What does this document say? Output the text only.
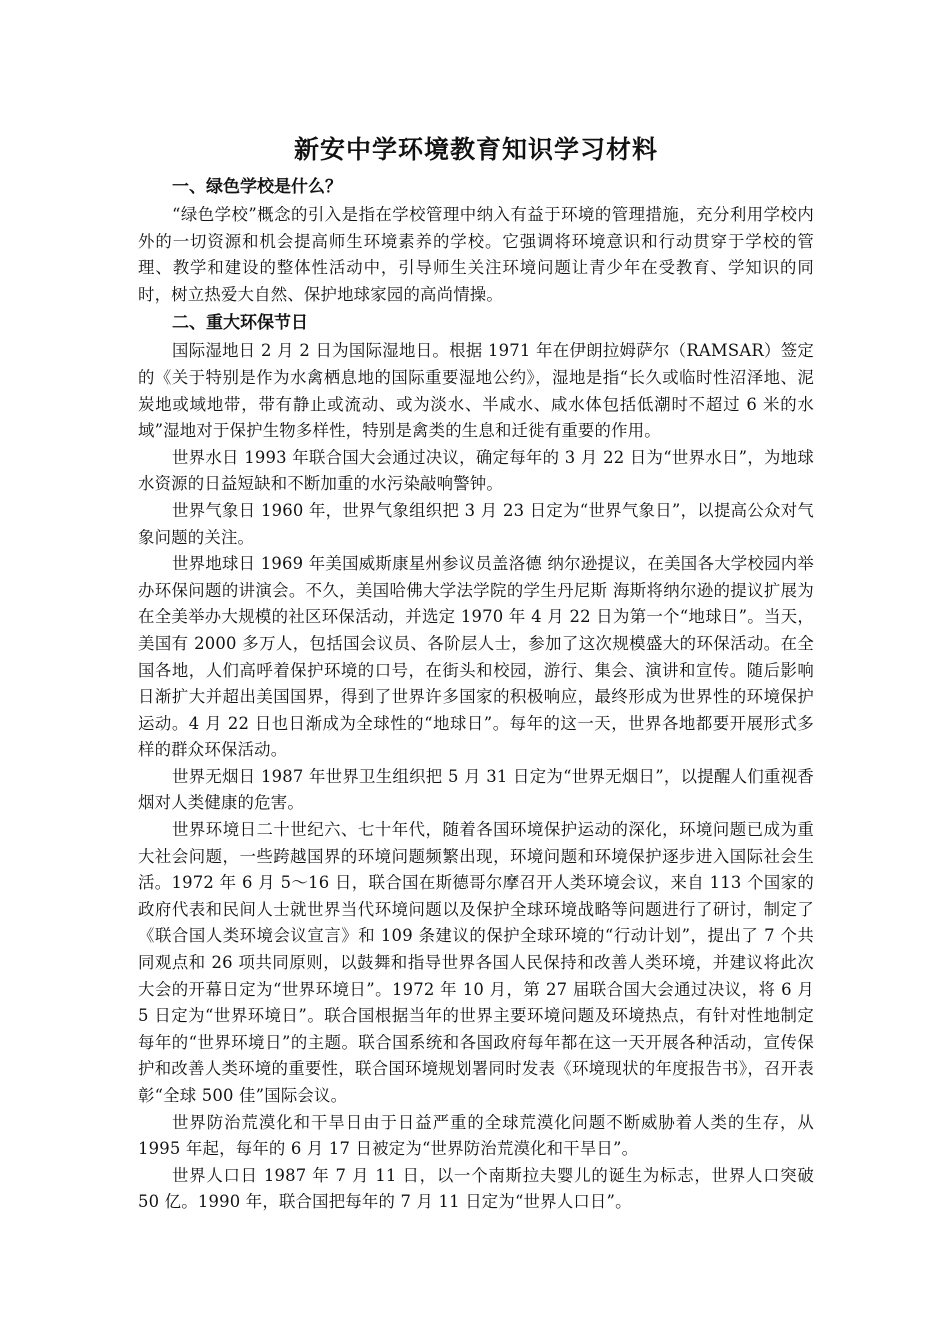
新安中学环境教育知识学习材料
一、绿色学校是什么？

“绿色学校”概念的引入是指在学校管理中纳入有益于环境的管理措施，充分利用学校内外的一切资源和机会提高师生环境素养的学校。它强调将环境意识和行动贯穿于学校的管理、教学和建设的整体性活动中，引导师生关注环境问题让青少年在受教育、学知识的同时，树立热爱大自然、保护地球家园的高尚情操。

二、重大环保节日

国际湿地日 2 月 2 日为国际湿地日。根据 1971 年在伊朗拉姆萨尔（RAMSAR）签定的《关于特别是作为水禽栖息地的国际重要湿地公约》，湿地是指“长久或临时性沼泽地、泥炭地或域地带，带有静止或流动、或为淡水、半咸水、咸水体包括低潮时不超过 6 米的水域”湿地对于保护生物多样性，特别是禽类的生息和迁徙有重要的作用。

世界水日 1993 年联合国大会通过决议，确定每年的 3 月 22 日为“世界水日”，为地球水资源的日益短缺和不断加重的水污染敲响警钟。

世界气象日 1960 年，世界气象组织把 3 月 23 日定为“世界气象日”，以提高公众对气象问题的关注。

世界地球日 1969 年美国威斯康星州参议员盖洛德 纳尔逊提议，在美国各大学校园内举办环保问题的讲演会。不久，美国哈佛大学法学院的学生丹尼斯 海斯将纳尔逊的提议扩展为在全美举办大规模的社区环保活动，并选定 1970 年 4 月 22 日为第一个“地球日”。当天，美国有 2000 多万人，包括国会议员、各阶层人士，参加了这次规模盛大的环保活动。在全国各地，人们高呼着保护环境的口号，在街头和校园，游行、集会、演讲和宣传。随后影响日渐扩大并超出美国国界，得到了世界许多国家的积极响应，最终形成为世界性的环境保护运动。4 月 22 日也日渐成为全球性的“地球日”。每年的这一天，世界各地都要开展形式多样的群众环保活动。

世界无烟日 1987 年世界卫生组织把 5 月 31 日定为“世界无烟日”，以提醒人们重视香烟对人类健康的危害。

世界环境日二十世纪六、七十年代，随着各国环境保护运动的深化，环境问题已成为重大社会问题，一些跨越国界的环境问题频繁出现，环境问题和环境保护逐步进入国际社会生活。1972 年 6 月 5～16 日，联合国在斯德哥尔摩召开人类环境会议，来自 113 个国家的政府代表和民间人士就世界当代环境问题以及保护全球环境战略等问题进行了研讨，制定了《联合国人类环境会议宣言》和 109 条建议的保护全球环境的“行动计划”，提出了 7 个共同观点和 26 项共同原则，以鼓舞和指导世界各国人民保持和改善人类环境，并建议将此次大会的开幕日定为“世界环境日”。1972 年 10 月，第 27 届联合国大会通过决议，将 6 月 5 日定为“世界环境日”。联合国根据当年的世界主要环境问题及环境热点，有针对性地制定每年的“世界环境日”的主题。联合国系统和各国政府每年都在这一天开展各种活动，宣传保护和改善人类环境的重要性，联合国环境规划署同时发表《环境现状的年度报告书》，召开表彰“全球 500 佳”国际会议。

世界防治荒漠化和干旱日由于日益严重的全球荒漠化问题不断威胁着人类的生存，从 1995 年起，每年的 6 月 17 日被定为“世界防治荒漠化和干旱日”。

世界人口日 1987 年 7 月 11 日，以一个南斯拉夫婴儿的诞生为标志，世界人口突破 50 亿。1990 年，联合国把每年的 7 月 11 日定为“世界人口日”。
